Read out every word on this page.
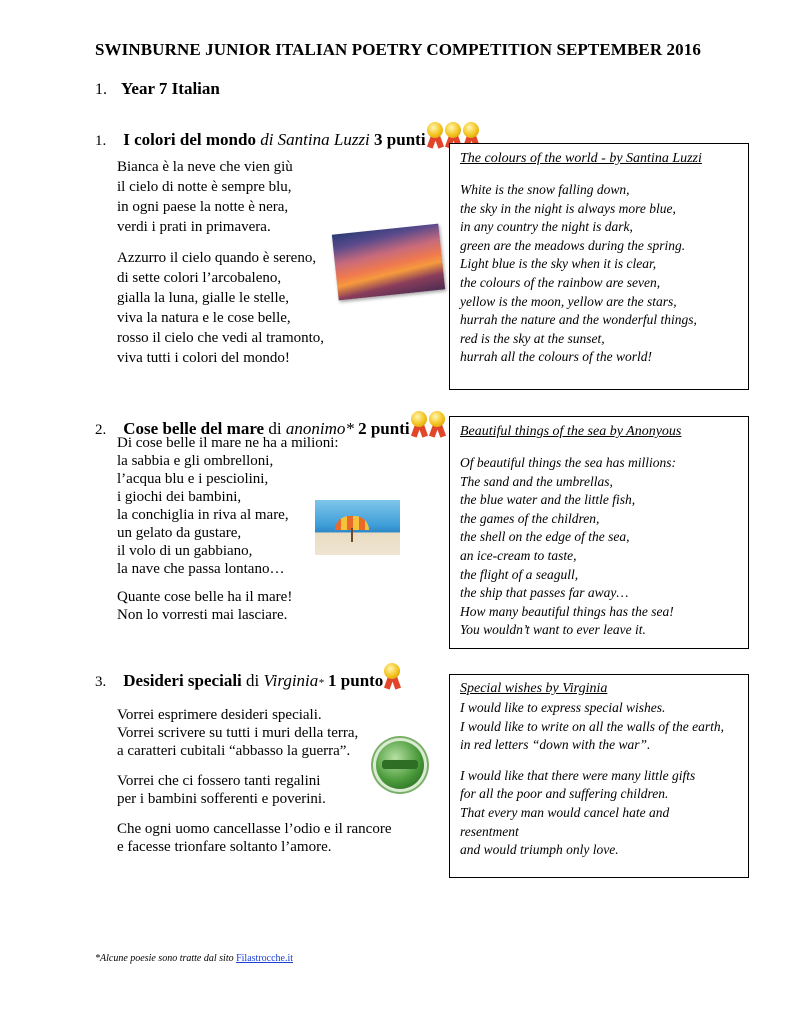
SWINBURNE JUNIOR ITALIAN POETRY COMPETITION SEPTEMBER 2016
1. Year 7 Italian
1. I colori del mondo di Santina Luzzi 3 punti
Bianca è la neve che vien giù
il cielo di notte è sempre blu,
in ogni paese la notte è nera,
verdi i prati in primavera.
Azzurro il cielo quando è sereno,
di sette colori l’arcobaleno,
gialla la luna, gialle le stelle,
viva la natura e le cose belle,
rosso il cielo che vedi al tramonto,
viva tutti i colori del mondo!
The colours of the world - by Santina Luzzi
White is the snow falling down,
the sky in the night is always more blue,
in any country the night is dark,
green are the meadows during the spring.
Light blue is the sky when it is clear,
the colours of the rainbow are seven,
yellow is the moon, yellow are the stars,
hurrah the nature and the wonderful things,
red is the sky at the sunset,
hurrah all the colours of the world!
2. Cose belle del mare di anonimo* 2 punti
Di cose belle il mare ne ha a milioni:
la sabbia e gli ombrelloni,
l’acqua blu e i pesciolini,
i giochi dei bambini,
la conchiglia in riva al mare,
un gelato da gustare,
il volo di un gabbiano,
la nave che passa lontano…
Quante cose belle ha il mare!
Non lo vorresti mai lasciare.
Beautiful things of the sea by Anonyous
Of beautiful things the sea has millions:
The sand and the umbrellas,
the blue water and the little fish,
the games of the children,
the shell on the edge of the sea,
an ice-cream to taste,
the flight of a seagull,
the ship that passes far away…
How many beautiful things has the sea!
You wouldn’t want to ever leave it.
3. Desideri speciali di Virginia* 1 punto
Vorrei esprimere desideri speciali.
Vorrei scrivere su tutti i muri della terra,
a caratteri cubitali “abbasso la guerra”.
Vorrei che ci fossero tanti regalini
per i bambini sofferenti e poverini.
Che ogni uomo cancellasse l’odio e il rancore
e facesse trionfare soltanto l’amore.
Special wishes by Virginia
I would like to express special wishes.
I would like to write on all the walls of the earth,
in red letters “down with the war”.
I would like that there were many little gifts
for all the poor and suffering children.
That every man would cancel hate and
resentment
and would triumph only love.
*Alcune poesie sono tratte dal sito Filastrocche.it
